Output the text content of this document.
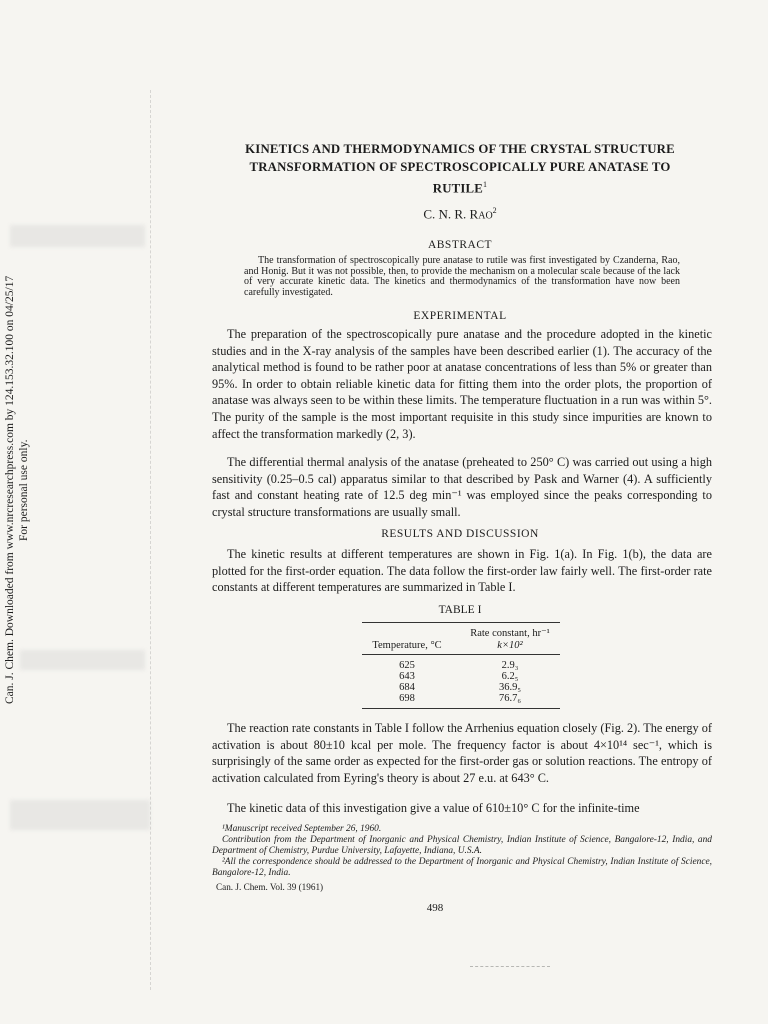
Can. J. Chem. Downloaded from www.nrcresearchpress.com by 124.153.32.100 on 04/25/17 For personal use only.
KINETICS AND THERMODYNAMICS OF THE CRYSTAL STRUCTURE
TRANSFORMATION OF SPECTROSCOPICALLY PURE ANATASE TO
RUTILE$^1$
C. N. R. RAO$^2$
ABSTRACT

The transformation of spectroscopically pure anatase to rutile was first investigated by Czanderna, Rao, and Honig. But it was not possible, then, to provide the mechanism on a molecular scale because of the lack of very accurate kinetic data. The kinetics and thermodynamics of the transformation have now been carefully investigated.

EXPERIMENTAL

The preparation of the spectroscopically pure anatase and the procedure adopted in the kinetic studies and in the X-ray analysis of the samples have been described earlier (1). The accuracy of the analytical method is found to be rather poor at anatase concentrations of less than 5% or greater than 95%. In order to obtain reliable kinetic data for fitting them into the order plots, the proportion of anatase was always seen to be within these limits. The temperature fluctuation in a run was within 5°. The purity of the sample is the most important requisite in this study since impurities are known to affect the transformation markedly (2, 3).

The differential thermal analysis of the anatase (preheated to 250° C) was carried out using a high sensitivity (0.25–0.5 cal) apparatus similar to that described by Pask and Warner (4). A sufficiently fast and constant heating rate of 12.5 deg min⁻¹ was employed since the peaks corresponding to crystal structure transformations are usually small.

RESULTS AND DISCUSSION

The kinetic results at different temperatures are shown in Fig. 1(a). In Fig. 1(b), the data are plotted for the first-order equation. The data follow the first-order law fairly well. The first-order rate constants at different temperatures are summarized in Table I.

TABLE I
Temperature, °C
Rate constant, hr⁻¹
k×10²
625	2.9₃
643	6.2₅
684	36.9₅
698	76.7₆

The reaction rate constants in Table I follow the Arrhenius equation closely (Fig. 2). The energy of activation is about 80±10 kcal per mole. The frequency factor is about 4×10¹⁴ sec⁻¹, which is surprisingly of the same order as expected for the first-order gas or solution reactions. The entropy of activation calculated from Eyring's theory is about 27 e.u. at 643° C.

The kinetic data of this investigation give a value of 610±10° C for the infinite-time

¹Manuscript received September 26, 1960.

Contribution from the Department of Inorganic and Physical Chemistry, Indian Institute of Science, Bangalore-12, India, and Department of Chemistry, Purdue University, Lafayette, Indiana, U.S.A.

²All the correspondence should be addressed to the Department of Inorganic and Physical Chemistry, Indian Institute of Science, Bangalore-12, India.

Can. J. Chem. Vol. 39 (1961)
498
